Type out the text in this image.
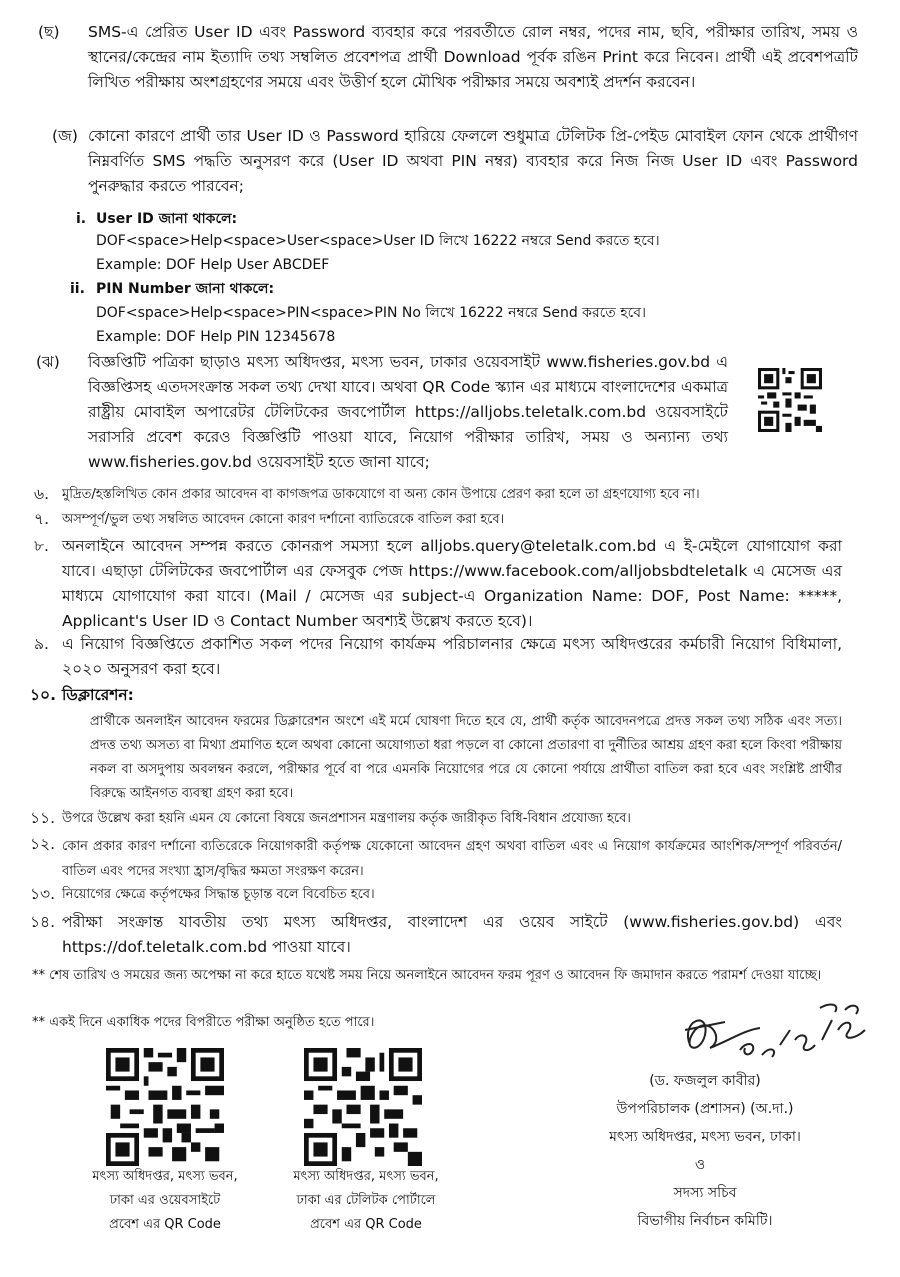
(ছ) SMS-এ প্রেরিত User ID এবং Password ব্যবহার করে পরবর্তীতে রোল নম্বর, পদের নাম, ছবি, পরীক্ষার তারিখ, সময় ও স্থানের/কেন্দ্রের নাম ইত্যাদি তথ্য সম্বলিত প্রবেশপত্র প্রার্থী Download পূর্বক রঙিন Print করে নিবেন। প্রার্থী এই প্রবেশপত্রটি লিখিত পরীক্ষায় অংশগ্রহণের সময়ে এবং উত্তীর্ণ হলে মৌখিক পরীক্ষার সময়ে অবশ্যই প্রদর্শন করবেন।
(জ) কোনো কারণে প্রার্থী তার User ID ও Password হারিয়ে ফেললে শুধুমাত্র টেলিটক প্রি-পেইড মোবাইল ফোন থেকে প্রার্থীগণ নিম্নবর্ণিত SMS পদ্ধতি অনুসরণ করে (User ID অথবা PIN নম্বর) ব্যবহার করে নিজ নিজ User ID এবং Password পুনরুদ্ধার করতে পারবেন;
i. User ID জানা থাকলে:
DOF<space>Help<space>User<space>User ID লিখে 16222 নম্বরে Send করতে হবে।
Example: DOF Help User ABCDEF
ii. PIN Number জানা থাকলে:
DOF<space>Help<space>PIN<space>PIN No লিখে 16222 নম্বরে Send করতে হবে।
Example: DOF Help PIN 12345678
(ঝ) বিজ্ঞপ্তিটি পত্রিকা ছাড়াও মৎস্য অধিদপ্তর, মৎস্য ভবন, ঢাকার ওয়েবসাইট www.fisheries.gov.bd এ বিজ্ঞপ্তিসহ এতদসংক্রান্ত সকল তথ্য দেখা যাবে। অথবা QR Code স্ক্যান এর মাধ্যমে বাংলাদেশের একমাত্র রাষ্ট্রীয় মোবাইল অপারেটর টেলিটকের জবপোর্টাল https://alljobs.teletalk.com.bd ওয়েবসাইটে সরাসরি প্রবেশ করেও বিজ্ঞপ্তিটি পাওয়া যাবে, নিয়োগ পরীক্ষার তারিখ, সময় ও অন্যান্য তথ্য www.fisheries.gov.bd ওয়েবসাইট হতে জানা যাবে;
৬. মুদ্রিত/হস্তলিখিত কোন প্রকার আবেদন বা কাগজপত্র ডাকযোগে বা অন্য কোন উপায়ে প্রেরণ করা হলে তা গ্রহণযোগ্য হবে না।
৭. অসম্পূর্ণ/ভুল তথ্য সম্বলিত আবেদন কোনো কারণ দর্শানো ব্যাতিরেকে বাতিল করা হবে।
৮. অনলাইনে আবেদন সম্পন্ন করতে কোনরূপ সমস্যা হলে alljobs.query@teletalk.com.bd এ ই-মেইলে যোগাযোগ করা যাবে। এছাড়া টেলিটকের জবপোর্টাল এর ফেসবুক পেজ https://www.facebook.com/alljobsbdteletalk এ মেসেজ এর মাধ্যমে যোগাযোগ করা যাবে। (Mail / মেসেজ এর subject-এ Organization Name: DOF, Post Name: *****, Applicant's User ID ও Contact Number অবশ্যই উল্লেখ করতে হবে)।
৯. এ নিয়োগ বিজ্ঞপ্তিতে প্রকাশিত সকল পদের নিয়োগ কার্যক্রম পরিচালনার ক্ষেত্রে মৎস্য অধিদপ্তরের কর্মচারী নিয়োগ বিধিমালা, ২০২০ অনুসরণ করা হবে।
১০. ডিক্লারেশন:
প্রার্থীকে অনলাইন আবেদন ফরমের ডিক্লারেশন অংশে এই মর্মে ঘোষণা দিতে হবে যে, প্রার্থী কর্তৃক আবেদনপত্রে প্রদত্ত সকল তথ্য সঠিক এবং সত্য। প্রদত্ত তথ্য অসত্য বা মিথ্যা প্রমাণিত হলে অথবা কোনো অযোগ্যতা ধরা পড়লে বা কোনো প্রতারণা বা দুর্নীতির আশ্রয় গ্রহণ করা হলে কিংবা পরীক্ষায় নকল বা অসদুপায় অবলম্বন করলে, পরীক্ষার পূর্বে বা পরে এমনকি নিয়োগের পরে যে কোনো পর্যায়ে প্রার্থীতা বাতিল করা হবে এবং সংশ্লিষ্ট প্রার্থীর বিরুদ্ধে আইনগত ব্যবস্থা গ্রহণ করা হবে।
১১. উপরে উল্লেখ করা হয়নি এমন যে কোনো বিষয়ে জনপ্রশাসন মন্ত্রণালয় কর্তৃক জারীকৃত বিধি-বিধান প্রযোজ্য হবে।
১২. কোন প্রকার কারণ দর্শানো ব্যতিরেকে নিয়োগকারী কর্তৃপক্ষ যেকোনো আবেদন গ্রহণ অথবা বাতিল এবং এ নিয়োগ কার্যক্রমের আংশিক/সম্পূর্ণ পরিবর্তন/বাতিল এবং পদের সংখ্যা হ্রাস/বৃদ্ধির ক্ষমতা সংরক্ষণ করেন।
১৩. নিয়োগের ক্ষেত্রে কর্তৃপক্ষের সিদ্ধান্ত চূড়ান্ত বলে বিবেচিত হবে।
১৪. পরীক্ষা সংক্রান্ত যাবতীয় তথ্য মৎস্য অধিদপ্তর, বাংলাদেশ এর ওয়েব সাইটে (www.fisheries.gov.bd) এবং https://dof.teletalk.com.bd পাওয়া যাবে।
** শেষ তারিখ ও সময়ের জন্য অপেক্ষা না করে হাতে যথেষ্ট সময় নিয়ে অনলাইনে আবেদন ফরম পূরণ ও আবেদন ফি জমাদান করতে পরামর্শ দেওয়া যাচ্ছে।
** একই দিনে একাধিক পদের বিপরীতে পরীক্ষা অনুষ্ঠিত হতে পারে।
মৎস্য অধিদপ্তর, মৎস্য ভবন,
ঢাকা এর ওয়েবসাইটে
প্রবেশ এর QR Code
মৎস্য অধিদপ্তর, মৎস্য ভবন,
ঢাকা এর টেলিটক পোর্টালে
প্রবেশ এর QR Code
(ড. ফজলুল কাবীর)
উপপরিচালক (প্রশাসন) (অ.দা.)
মৎস্য অধিদপ্তর, মৎস্য ভবন, ঢাকা।
ও
সদস্য সচিব
বিভাগীয় নির্বাচন কমিটি।
